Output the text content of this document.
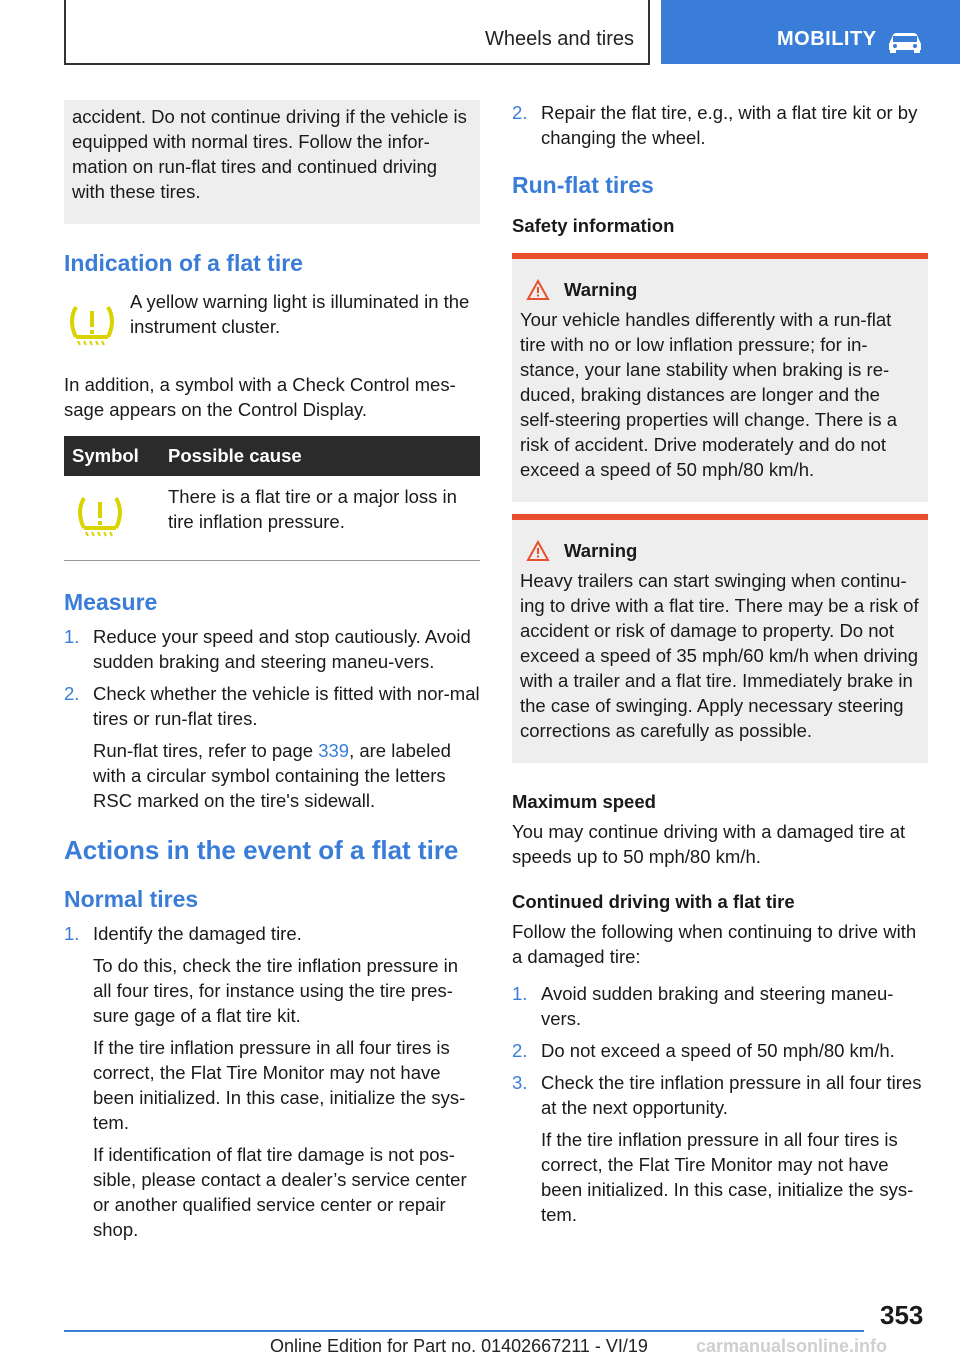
Wheels and tires	MOBILITY

accident. Do not continue driving if the vehicle is equipped with normal tires. Follow the infor-mation on run-flat tires and continued driving with these tires.

Indication of a flat tire

A yellow warning light is illuminated in the instrument cluster.

In addition, a symbol with a Check Control mes-sage appears on the Control Display.

Symbol	Possible cause
	There is a flat tire or a major loss in tire inflation pressure.
Measure
1. Reduce your speed and stop cautiously. Avoid sudden braking and steering maneu-vers.
2. Check whether the vehicle is fitted with nor-mal tires or run-flat tires.
Run-flat tires, refer to page 339, are labeled with a circular symbol containing the letters RSC marked on the tire's sidewall.
Actions in the event of a flat tire
Normal tires
1. Identify the damaged tire.
To do this, check the tire inflation pressure in all four tires, for instance using the tire pres-sure gage of a flat tire kit.
If the tire inflation pressure in all four tires is correct, the Flat Tire Monitor may not have been initialized. In this case, initialize the sys-tem.
If identification of flat tire damage is not pos-sible, please contact a dealer’s service center or another qualified service center or repair shop.
2. Repair the flat tire, e.g., with a flat tire kit or by changing the wheel.
Run-flat tires
Safety information
Warning

Your vehicle handles differently with a run-flat tire with no or low inflation pressure; for in-stance, your lane stability when braking is re-duced, braking distances are longer and the self-steering properties will change. There is a risk of accident. Drive moderately and do not exceed a speed of 50 mph/80 km/h.

Warning

Heavy trailers can start swinging when continu-ing to drive with a flat tire. There may be a risk of accident or risk of damage to property. Do not exceed a speed of 35 mph/60 km/h when driving with a trailer and a flat tire. Immediately brake in the case of swinging. Apply necessary steering corrections as carefully as possible.

Maximum speed

You may continue driving with a damaged tire at speeds up to 50 mph/80 km/h.

Continued driving with a flat tire

Follow the following when continuing to drive with a damaged tire:

1. Avoid sudden braking and steering maneu-vers.
2. Do not exceed a speed of 50 mph/80 km/h.
3. Check the tire inflation pressure in all four tires at the next opportunity.
If the tire inflation pressure in all four tires is correct, the Flat Tire Monitor may not have been initialized. In this case, initialize the sys-tem.
353
Online Edition for Part no. 01402667211 - VI/19	carmanualsonline.info
